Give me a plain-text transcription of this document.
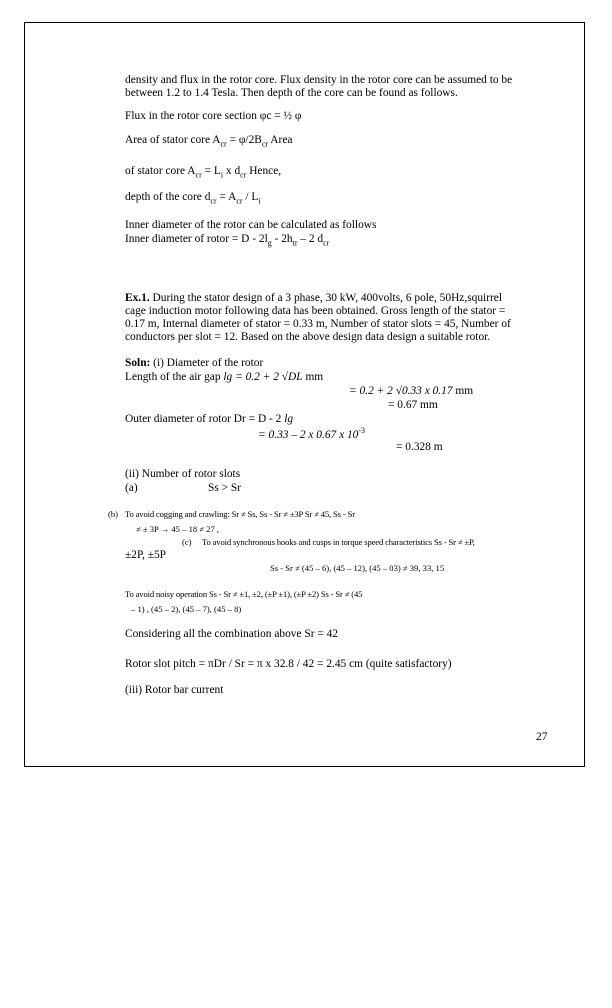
density and flux in the rotor core. Flux density in the rotor core can be assumed to be
between 1.2 to 1.4 Tesla. Then depth of the core can be found as follows.
Flux in the rotor core section φc = ½ φ
Area of stator core $A_{cr} = \varphi/2B_{cr}$ Area
of stator core $A_{cr} = L_i$ x $d_{cr}$ Hence,
depth of the core $d_{cr} = A_{cr} / L_i$
Inner diameter of the rotor can be calculated as follows
Inner diameter of rotor = D - $2l_g - 2h_{tr} - 2$ $d_{cr}$
Ex.1. During the stator design of a 3 phase, 30 kW, 400volts, 6 pole, 50Hz,squirrel
cage induction motor following data has been obtained. Gross length of the stator =
0.17 m, Internal diameter of stator = 0.33 m, Number of stator slots = 45, Number of
conductors per slot = 12. Based on the above design data design a suitable rotor.
Soln: (i) Diameter of the rotor
Length of the air gap lg = 0.2 + 2 √DL mm
= 0.2 + 2 √0.33 x 0.17 mm
= 0.67 mm
Outer diameter of rotor Dr = D - 2 lg
= 0.33 – 2 x 0.67 x $10^{-3}$
= 0.328 m
(ii) Number of rotor slots
(a)	Ss > Sr
(b) To avoid cogging and crawling: Sr ≠ Ss, Ss - Sr ≠ ±3P Sr ≠ 45, Ss - Sr
≠ ± 3P → 45 – 18 ≠ 27 ,
(c) To avoid synchronous hooks and cusps in torque speed characteristics Ss - Sr ≠ ±P,
±2P, ±5P
Ss - Sr ≠ (45 – 6), (45 – 12), (45 – 03) ≠ 39, 33, 15
To avoid noisy operation Ss - Sr ≠ ±1, ±2, (±P ±1), (±P ±2) Ss - Sr ≠ (45
– 1) , (45 – 2), (45 – 7), (45 – 8)
Considering all the combination above Sr = 42
Rotor slot pitch = πDr / Sr = π x 32.8 / 42 = 2.45 cm (quite satisfactory)
(iii) Rotor bar current
27
